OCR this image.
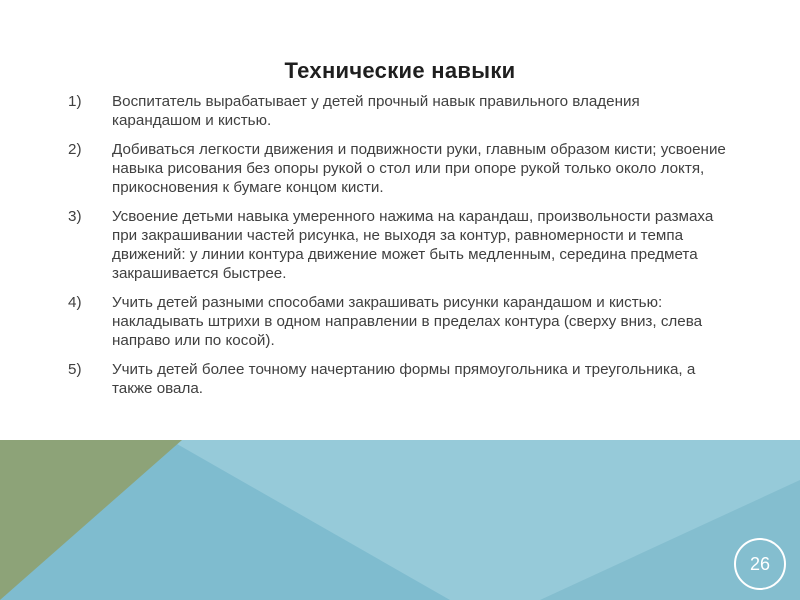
Технические навыки
1) Воспитатель вырабатывает у детей прочный навык правильного владения карандашом и кистью.
2) Добиваться легкости движения и подвижности руки, главным образом кисти; усвоение навыка рисования без опоры рукой о стол или при опоре рукой только около локтя, прикосновения к бумаге концом кисти.
3) Усвоение детьми навыка умеренного нажима на карандаш, произвольности размаха при закрашивании частей рисунка, не выходя за контур, равномерности и темпа движений: у линии контура движение может быть медленным, середина предмета закрашивается быстрее.
4) Учить детей разными способами закрашивать рисунки карандашом и кистью: накладывать штрихи в одном направлении в пределах контура (сверху вниз, слева направо или по косой).
5) Учить детей более точному начертанию формы прямоугольника и треугольника, а также овала.
26
